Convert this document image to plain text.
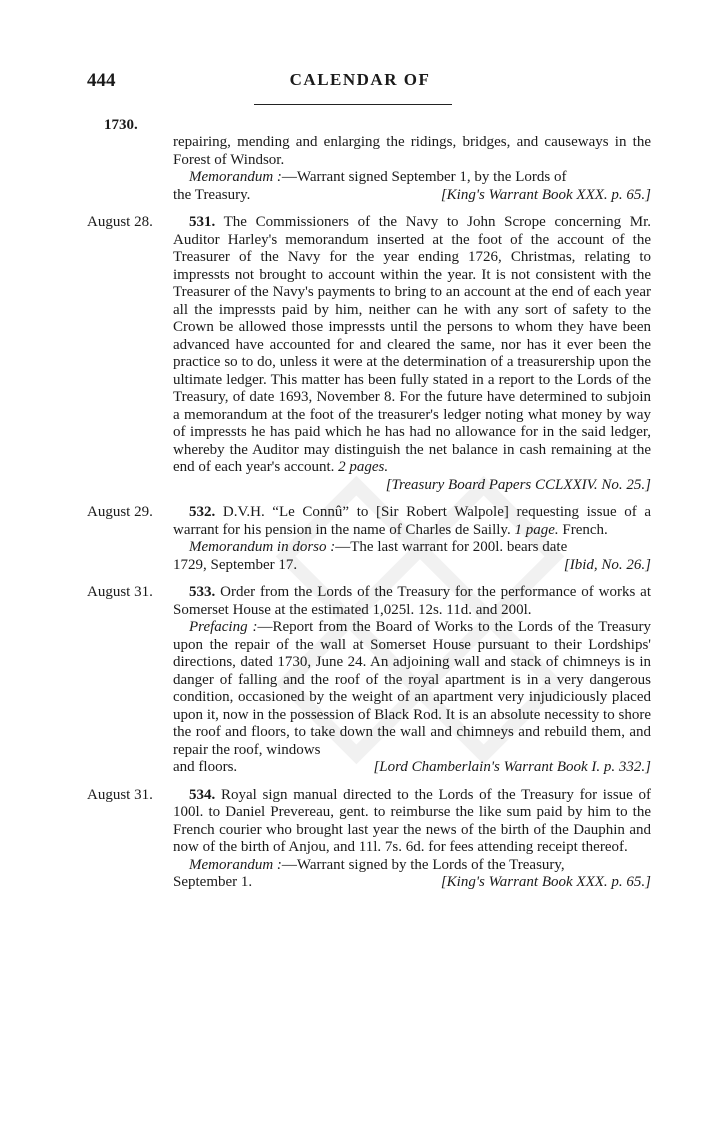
444	CALENDAR OF
1730.

repairing, mending and enlarging the ridings, bridges, and causeways in the Forest of Windsor.

Memorandum :—Warrant signed September 1, by the Lords of

the Treasury.	[King's Warrant Book XXX. p. 65.]

August 28.	531. The Commissioners of the Navy to John Scrope concerning Mr. Auditor Harley's memorandum inserted at the foot of the account of the Treasurer of the Navy for the year ending 1726, Christmas, relating to impressts not brought to account within the year. It is not consistent with the Treasurer of the Navy's payments to bring to an account at the end of each year all the impressts paid by him, neither can he with any sort of safety to the Crown be allowed those impressts until the persons to whom they have been advanced have accounted for and cleared the same, nor has it ever been the practice so to do, unless it were at the determination of a treasurership upon the ultimate ledger. This matter has been fully stated in a report to the Lords of the Treasury, of date 1693, November 8. For the future have determined to subjoin a memorandum at the foot of the treasurer's ledger noting what money by way of impressts he has paid which he has had no allowance for in the said ledger, whereby the Auditor may distinguish the net balance in cash remaining at the end of each year's account. 2 pages.

[Treasury Board Papers CCLXXIV. No. 25.]

August 29.	532. D.V.H. “Le Connû” to [Sir Robert Walpole] requesting issue of a warrant for his pension in the name of Charles de Sailly. 1 page. French.

Memorandum in dorso :—The last warrant for 200l. bears date

1729, September 17.	[Ibid, No. 26.]

August 31.	533. Order from the Lords of the Treasury for the performance of works at Somerset House at the estimated 1,025l. 12s. 11d. and 200l.

Prefacing :—Report from the Board of Works to the Lords of the Treasury upon the repair of the wall at Somerset House pursuant to their Lordships' directions, dated 1730, June 24. An adjoining wall and stack of chimneys is in danger of falling and the roof of the royal apartment is in a very dangerous condition, occasioned by the weight of an apartment very injudiciously placed upon it, now in the possession of Black Rod. It is an absolute necessity to shore the roof and floors, to take down the wall and chimneys and rebuild them, and repair the roof, windows

and floors.	[Lord Chamberlain's Warrant Book I. p. 332.]

August 31.	534. Royal sign manual directed to the Lords of the Treasury for issue of 100l. to Daniel Prevereau, gent. to reimburse the like sum paid by him to the French courier who brought last year the news of the birth of the Dauphin and now of the birth of Anjou, and 11l. 7s. 6d. for fees attending receipt thereof.

Memorandum :—Warrant signed by the Lords of the Treasury,

September 1.	[King's Warrant Book XXX. p. 65.]
